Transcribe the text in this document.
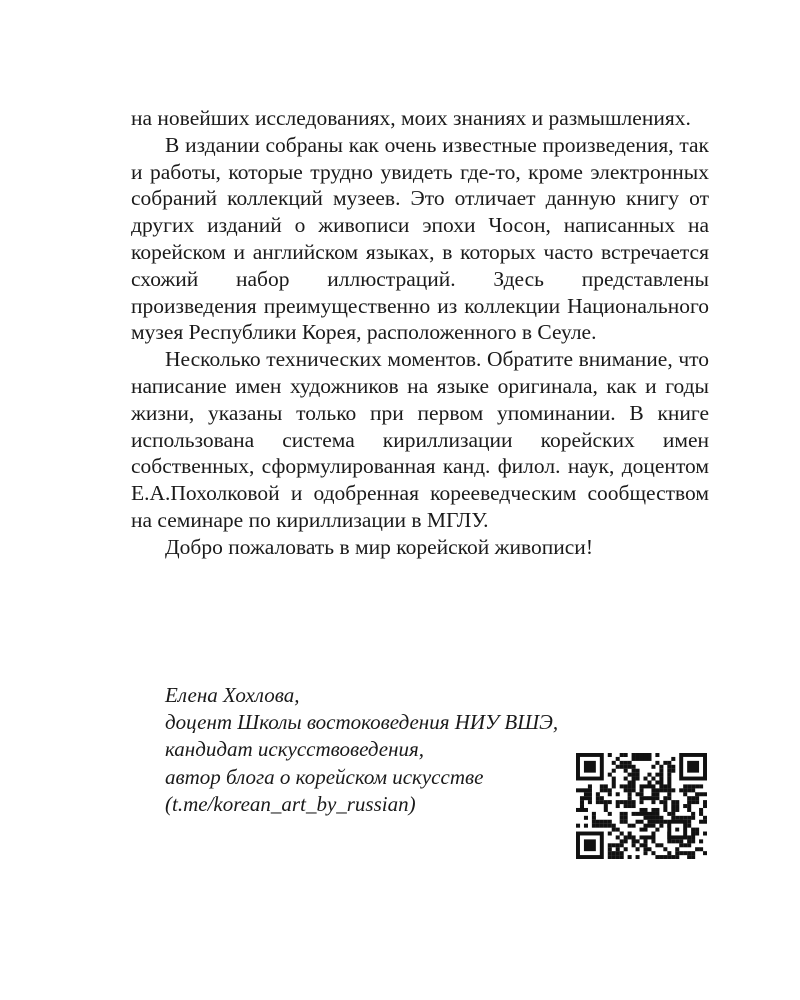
на новейших исследованиях, моих знаниях и размышлениях.

В издании собраны как очень известные произведения, так и работы, которые трудно увидеть где-то, кроме электронных собраний коллекций музеев. Это отличает данную книгу от других изданий о живописи эпохи Чосон, написанных на корейском и английском языках, в которых часто встречается схожий набор иллюстраций. Здесь представлены произведения преимущественно из коллекции Национального музея Республики Корея, расположенного в Сеуле.

Несколько технических моментов. Обратите внимание, что написание имен художников на языке оригинала, как и годы жизни, указаны только при первом упоминании. В книге использована система кириллизации корейских имен собственных, сформулированная канд. филол. наук, доцентом Е.А.Похолковой и одобренная корееведческим сообществом на семинаре по кириллизации в МГЛУ.

Добро пожаловать в мир корейской живописи!

Елена Хохлова,
доцент Школы востоковедения НИУ ВШЭ,
кандидат искусствоведения,
автор блога о корейском искусстве
(t.me/korean_art_by_russian)
